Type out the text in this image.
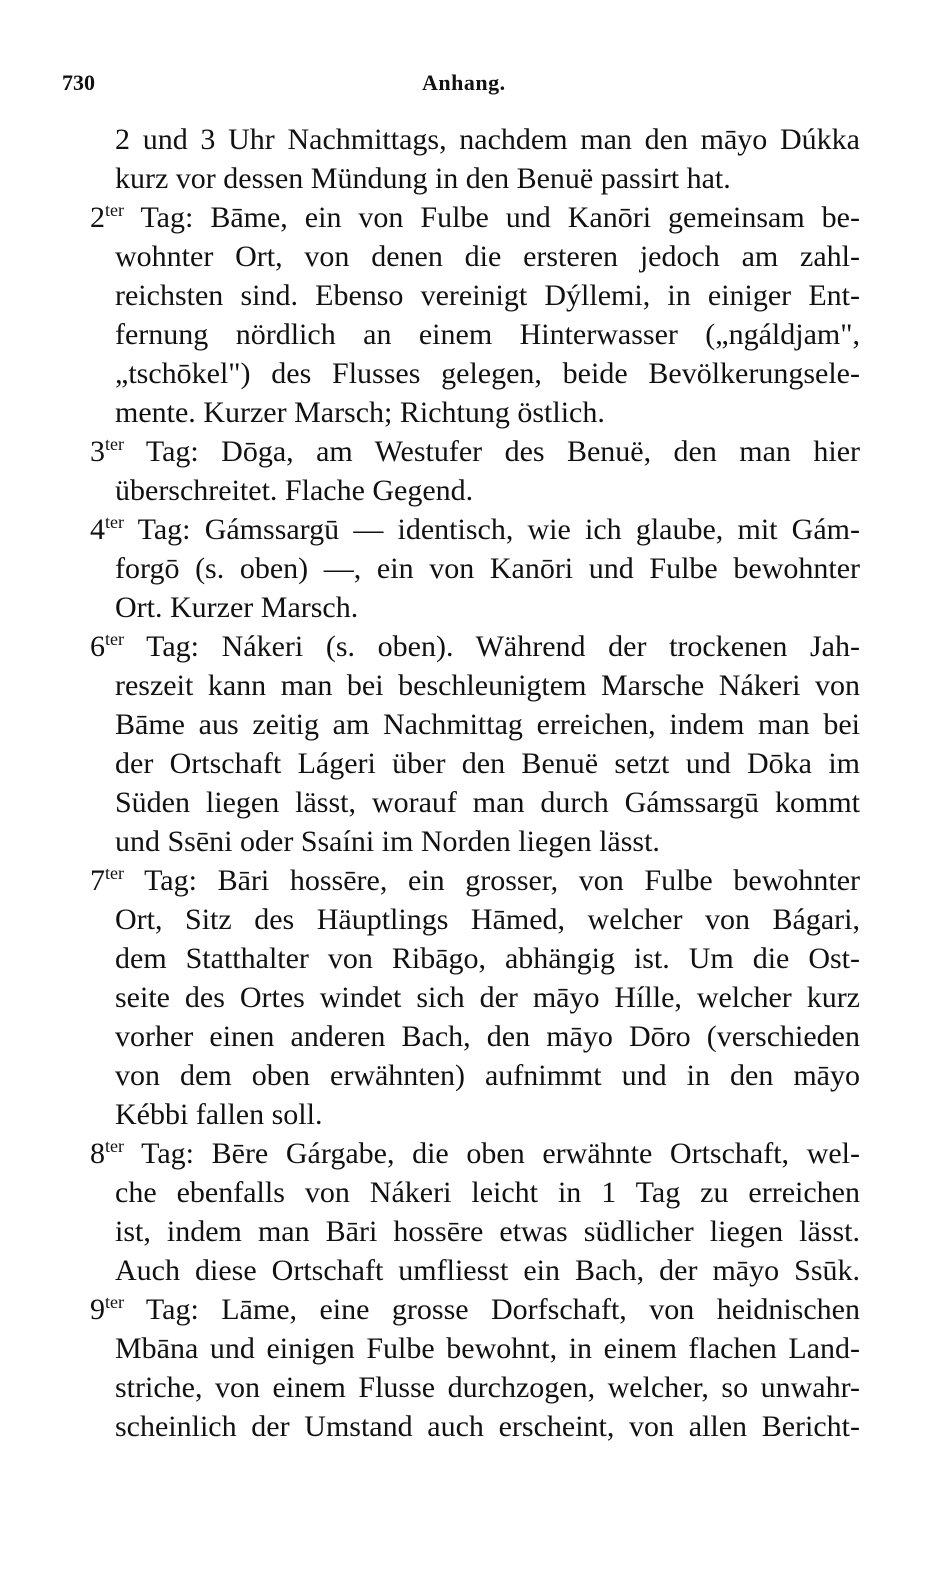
730	Anhang.
2 und 3 Uhr Nachmittags, nachdem man den māyo Dúkka
kurz vor dessen Mündung in den Benuë passirt hat.
$2^{ter}$ Tag: Bāme, ein von Fulbe und Kanōri gemeinsam be-
wohnter Ort, von denen die ersteren jedoch am zahl-
reichsten sind. Ebenso vereinigt Dýllemi, in einiger Ent-
fernung nördlich an einem Hinterwasser („ngáldjam",
„tschōkel") des Flusses gelegen, beide Bevölkerungsele-
mente. Kurzer Marsch; Richtung östlich.
$3^{ter}$ Tag: Dōga, am Westufer des Benuë, den man hier
überschreitet. Flache Gegend.
$4^{ter}$ Tag: Gámssargū — identisch, wie ich glaube, mit Gám-
forgō (s. oben) —, ein von Kanōri und Fulbe bewohnter
Ort. Kurzer Marsch.
$6^{ter}$ Tag: Nákeri (s. oben). Während der trockenen Jah-
reszeit kann man bei beschleunigtem Marsche Nákeri von
Bāme aus zeitig am Nachmittag erreichen, indem man bei
der Ortschaft Lágeri über den Benuë setzt und Dōka im
Süden liegen lässt, worauf man durch Gámssargū kommt
und Ssēni oder Ssaíni im Norden liegen lässt.
$7^{ter}$ Tag: Bāri hossēre, ein grosser, von Fulbe bewohnter
Ort, Sitz des Häuptlings Hāmed, welcher von Bágari,
dem Statthalter von Ribāgo, abhängig ist. Um die Ost-
seite des Ortes windet sich der māyo Hílle, welcher kurz
vorher einen anderen Bach, den māyo Dōro (verschieden
von dem oben erwähnten) aufnimmt und in den māyo
Kébbi fallen soll.
$8^{ter}$ Tag: Bēre Gárgabe, die oben erwähnte Ortschaft, wel-
che ebenfalls von Nákeri leicht in 1 Tag zu erreichen
ist, indem man Bāri hossēre etwas südlicher liegen lässt.
Auch diese Ortschaft umfliesst ein Bach, der māyo Ssūk.
$9^{ter}$ Tag: Lāme, eine grosse Dorfschaft, von heidnischen
Mbāna und einigen Fulbe bewohnt, in einem flachen Land-
striche, von einem Flusse durchzogen, welcher, so unwahr-
scheinlich der Umstand auch erscheint, von allen Bericht-
